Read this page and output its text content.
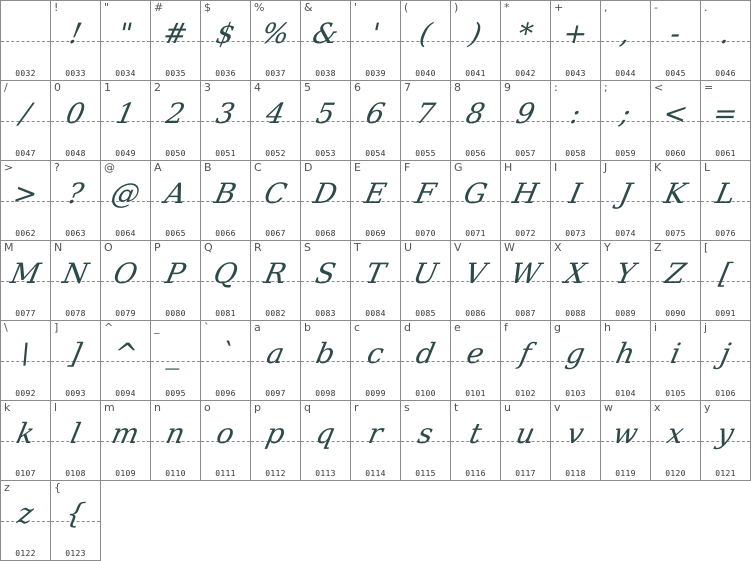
0032
!
!
0033
"
"
0034
#
#
0035
$
$
0036
%
%
0037
&
&
0038
'
'
0039
(
(
0040
)
)
0041
*
*
0042
+
+
0043
,
,
0044
-
-
0045
.
.
0046
/
/
0047
0
0
0048
1
1
0049
2
2
0050
3
3
0051
4
4
0052
5
5
0053
6
6
0054
7
7
0055
8
8
0056
9
9
0057
:
:
0058
;
;
0059
<
<
0060
=
=
0061
>
>
0062
?
?
0063
@
@
0064
A
A
0065
B
B
0066
C
C
0067
D
D
0068
E
E
0069
F
F
0070
G
G
0071
H
H
0072
I
I
0073
J
J
0074
K
K
0075
L
L
0076
M
M
0077
N
N
0078
O
O
0079
P
P
0080
Q
Q
0081
R
R
0082
S
S
0083
T
T
0084
U
U
0085
V
V
0086
W
W
0087
X
X
0088
Y
Y
0089
Z
Z
0090
[
[
0091
\
\
0092
]
]
0093
^
^
0094
_
_
0095
`
`
0096
a
a
0097
b
b
0098
c
c
0099
d
d
0100
e
e
0101
f
f
0102
g
g
0103
h
h
0104
i
i
0105
j
j
0106
k
k
0107
l
l
0108
m
m
0109
n
n
0110
o
o
0111
p
p
0112
q
q
0113
r
r
0114
s
s
0115
t
t
0116
u
u
0117
v
v
0118
w
w
0119
x
x
0120
y
y
0121
z
z
0122
{
{
0123
